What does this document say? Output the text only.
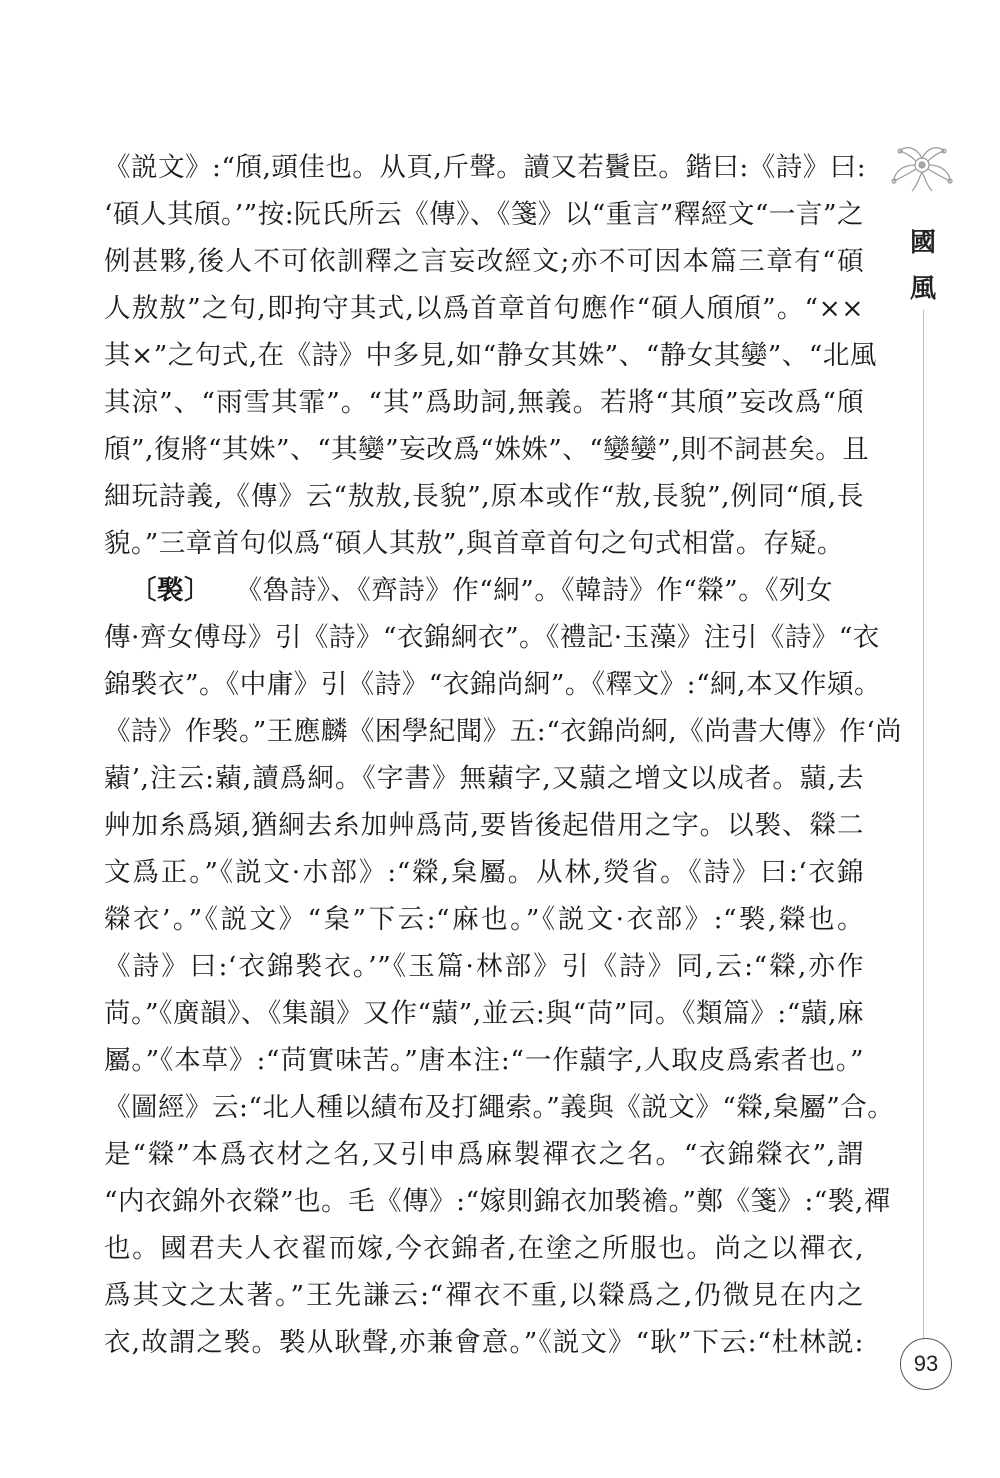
《説文》:“頎,頭佳也。从頁,斤聲。讀又若鬢臣。鍇曰:《詩》曰:
‘碩人其頎。’”按:阮氏所云《傳》、《箋》以“重言”釋經文“一言”之
例甚夥,後人不可依訓釋之言妄改經文;亦不可因本篇三章有“碩
人敖敖”之句,即拘守其式,以爲首章首句應作“碩人頎頎”。“××
其×”之句式,在《詩》中多見,如“静女其姝”、“静女其孌”、“北風
其涼”、“雨雪其霏”。“其”爲助詞,無義。若將“其頎”妄改爲“頎
頎”,復將“其姝”、“其孌”妄改爲“姝姝”、“孌孌”,則不詞甚矣。且
細玩詩義,《傳》云“敖敖,長貌”,原本或作“敖,長貌”,例同“頎,長
貌。”三章首句似爲“碩人其敖”,與首章首句之句式相當。存疑。
〔褧〕 《魯詩》、《齊詩》作“絅”。《韓詩》作“檾”。《列女
傳·齊女傅母》引《詩》“衣錦絅衣”。《禮記·玉藻》注引《詩》“衣
錦褧衣”。《中庸》引《詩》“衣錦尚絅”。《釋文》:“絅,本又作熲。
《詩》作褧。”王應麟《困學紀聞》五:“衣錦尚絅,《尚書大傳》作‘尚
蘔’,注云:蘔,讀爲絅。《字書》無蘔字,又蘏之增文以成者。蘏,去
艸加糸爲熲,猶絅去糸加艸爲苘,要皆後起借用之字。以褧、檾二
文爲正。”《説文·朩部》:“檾,枲屬。从林,熒省。《詩》曰:‘衣錦
檾衣’。”《説文》“枲”下云:“麻也。”《説文·衣部》:“褧,檾也。
《詩》曰:‘衣錦褧衣。’”《玉篇·林部》引《詩》同,云:“檾,亦作
苘。”《廣韻》、《集韻》又作“蘏”,並云:與“苘”同。《類篇》:“蘏,麻
屬。”《本草》:“苘實味苦。”唐本注:“一作蘏字,人取皮爲索者也。”
《圖經》云:“北人種以績布及打繩索。”義與《説文》“檾,枲屬”合。
是“檾”本爲衣材之名,又引申爲麻製禪衣之名。“衣錦檾衣”,謂
“内衣錦外衣檾”也。毛《傳》:“嫁則錦衣加褧襜。”鄭《箋》:“褧,禪
也。國君夫人衣翟而嫁,今衣錦者,在塗之所服也。尚之以禪衣,
爲其文之太著。”王先謙云:“禪衣不重,以檾爲之,仍微見在内之
衣,故謂之褧。褧从耿聲,亦兼會意。”《説文》“耿”下云:“杜林説:
國
風
93
